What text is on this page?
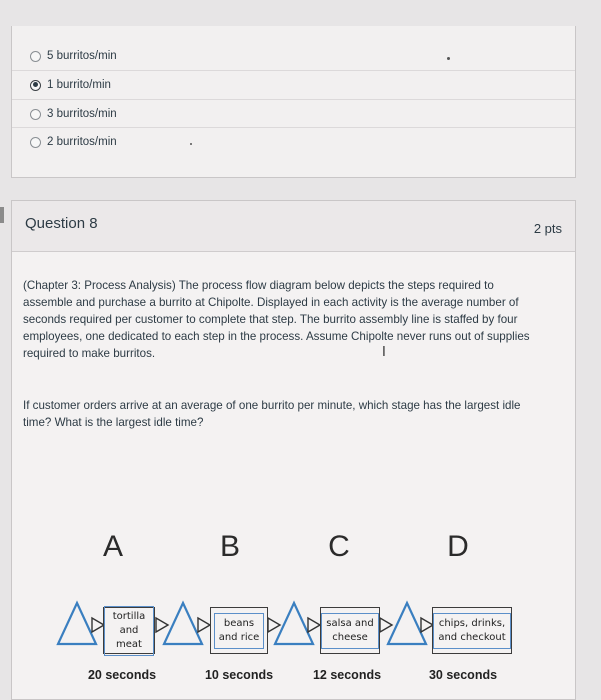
5 burritos/min
1 burrito/min
3 burritos/min
2 burritos/min
Question 8	2 pts
(Chapter 3: Process Analysis) The process flow diagram below depicts the steps required to
assemble and purchase a burrito at Chipolte. Displayed in each activity is the average number of
seconds required per customer to complete that step. The burrito assembly line is staffed by four
employees, one dedicated to each step in the process. Assume Chipolte never runs out of supplies
required to make burritos.	I
If customer orders arrive at an average of one burrito per minute, which stage has the largest idle
time? What is the largest idle time?
A	B	C	D
tortilla
and meat
beans
and rice
salsa and
cheese
chips, drinks,
and checkout
20 seconds	10 seconds	12 seconds	30 seconds
